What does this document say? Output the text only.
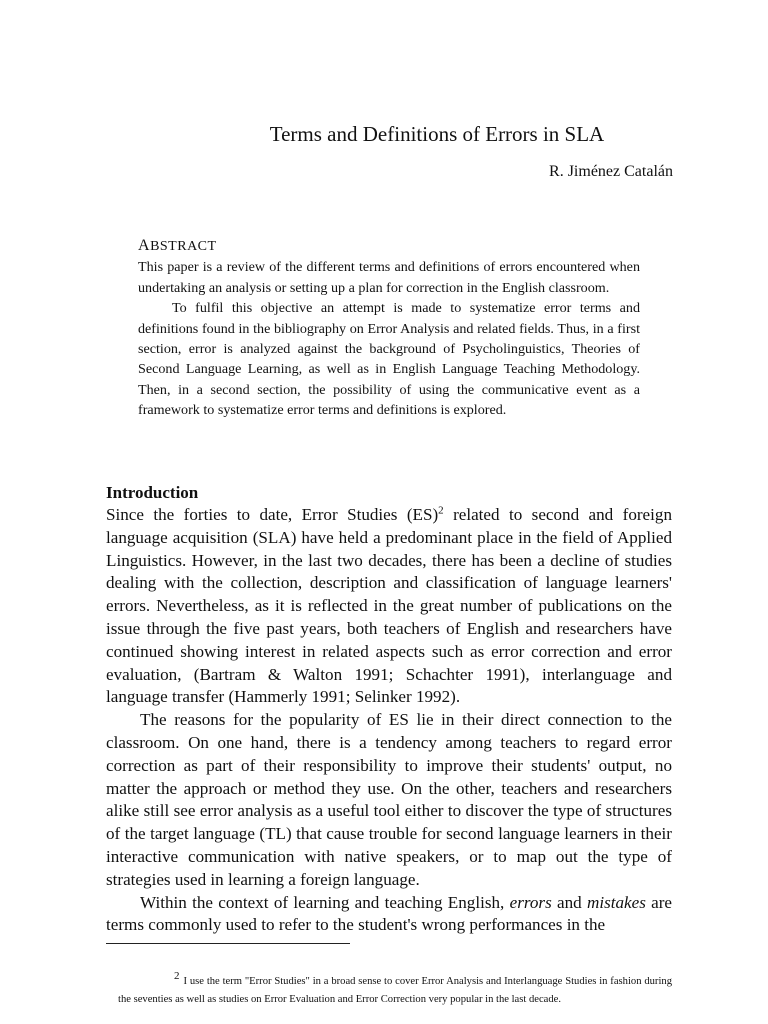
Terms and Definitions of Errors in SLA
R. Jiménez Catalán
ABSTRACT

This paper is a review of the different terms and definitions of errors encountered when undertaking an analysis or setting up a plan for correction in the English classroom.

To fulfil this objective an attempt is made to systematize error terms and definitions found in the bibliography on Error Analysis and related fields. Thus, in a first section, error is analyzed against the background of Psycholinguistics, Theories of Second Language Learning, as well as in English Language Teaching Methodology. Then, in a second section, the possibility of using the communicative event as a framework to systematize error terms and definitions is explored.

Introduction

Since the forties to date, Error Studies (ES)$^2$ related to second and foreign language acquisition (SLA) have held a predominant place in the field of Applied Linguistics. However, in the last two decades, there has been a decline of studies dealing with the collection, description and classification of language learners' errors. Nevertheless, as it is reflected in the great number of publications on the issue through the five past years, both teachers of English and researchers have continued showing interest in related aspects such as error correction and error evaluation, (Bartram & Walton 1991; Schachter 1991), interlanguage and language transfer (Hammerly 1991; Selinker 1992).

The reasons for the popularity of ES lie in their direct connection to the classroom. On one hand, there is a tendency among teachers to regard error correction as part of their responsibility to improve their students' output, no matter the approach or method they use. On the other, teachers and researchers alike still see error analysis as a useful tool either to discover the type of structures of the target language (TL) that cause trouble for second language learners in their interactive communication with native speakers, or to map out the type of strategies used in learning a foreign language.

Within the context of learning and teaching English, errors and mistakes are terms commonly used to refer to the student's wrong performances in the

2 I use the term "Error Studies" in a broad sense to cover Error Analysis and Interlanguage Studies in fashion during the seventies as well as studies on Error Evaluation and Error Correction very popular in the last decade.
